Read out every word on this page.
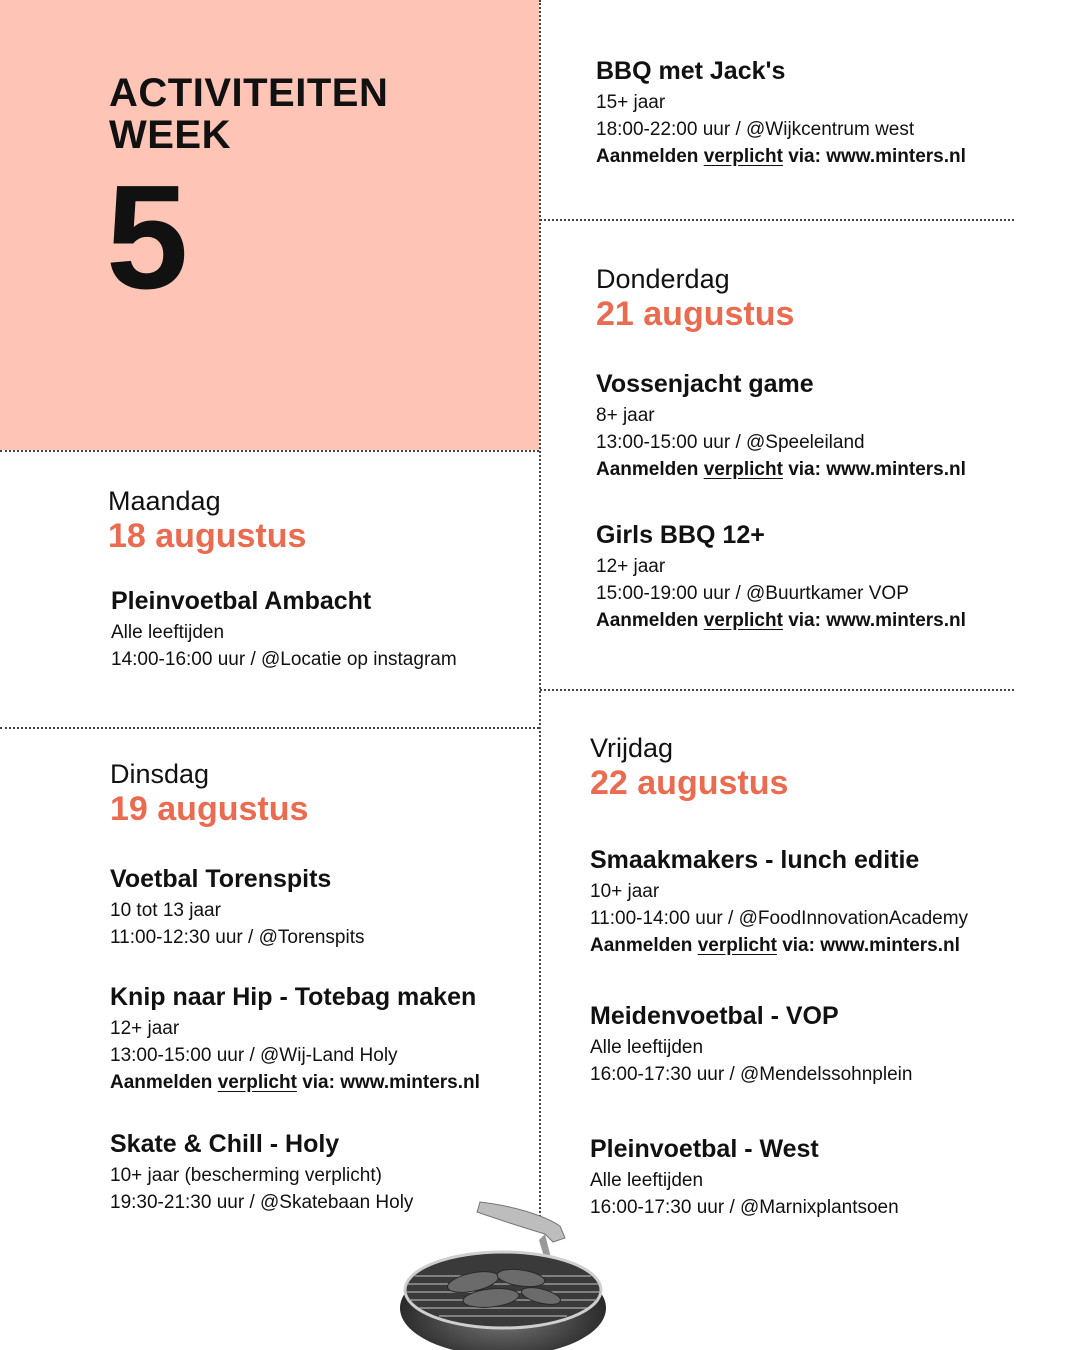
ACTIVITEITEN
WEEK
5

Maandag

18 augustus

Pleinvoetbal Ambacht

Alle leeftijden

14:00-16:00 uur / @Locatie op instagram

Dinsdag

19 augustus

Voetbal Torenspits

10 tot 13 jaar

11:00-12:30 uur / @Torenspits

Knip naar Hip - Totebag maken

12+ jaar

13:00-15:00 uur / @Wij-Land Holy

Aanmelden verplicht via: www.minters.nl

Skate & Chill - Holy

10+ jaar (bescherming verplicht)

19:30-21:30 uur / @Skatebaan Holy

BBQ met Jack's

15+ jaar

18:00-22:00 uur / @Wijkcentrum west

Aanmelden verplicht via: www.minters.nl

Donderdag

21 augustus

Vossenjacht game

8+ jaar

13:00-15:00 uur / @Speeleiland

Aanmelden verplicht via: www.minters.nl

Girls BBQ 12+

12+ jaar

15:00-19:00 uur / @Buurtkamer VOP

Aanmelden verplicht via: www.minters.nl

Vrijdag

22 augustus

Smaakmakers - lunch editie

10+ jaar

11:00-14:00 uur / @FoodInnovationAcademy

Aanmelden verplicht via: www.minters.nl

Meidenvoetbal - VOP

Alle leeftijden

16:00-17:30 uur / @Mendelssohnplein

Pleinvoetbal - West

Alle leeftijden

16:00-17:30 uur / @Marnixplantsoen
